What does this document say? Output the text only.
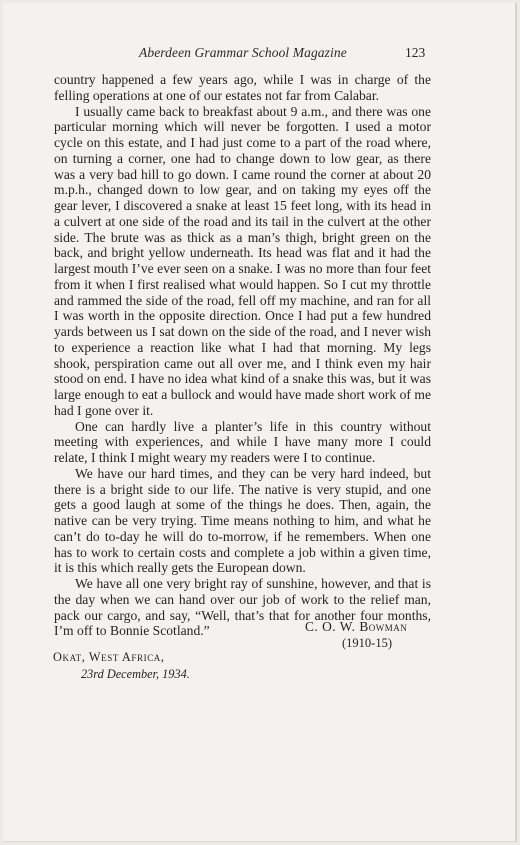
Aberdeen Grammar School Magazine	123

country happened a few years ago, while I was in charge of the felling operations at one of our estates not far from Calabar.

I usually came back to breakfast about 9 a.m., and there was one particular morning which will never be forgotten. I used a motor cycle on this estate, and I had just come to a part of the road where, on turning a corner, one had to change down to low gear, as there was a very bad hill to go down. I came round the corner at about 20 m.p.h., changed down to low gear, and on taking my eyes off the gear lever, I discovered a snake at least 15 feet long, with its head in a culvert at one side of the road and its tail in the culvert at the other side. The brute was as thick as a man’s thigh, bright green on the back, and bright yellow underneath. Its head was flat and it had the largest mouth I’ve ever seen on a snake. I was no more than four feet from it when I first realised what would happen. So I cut my throttle and rammed the side of the road, fell off my machine, and ran for all I was worth in the opposite direction. Once I had put a few hundred yards between us I sat down on the side of the road, and I never wish to experience a reaction like what I had that morning. My legs shook, perspiration came out all over me, and I think even my hair stood on end. I have no idea what kind of a snake this was, but it was large enough to eat a bullock and would have made short work of me had I gone over it.

One can hardly live a planter’s life in this country without meeting with experiences, and while I have many more I could relate, I think I might weary my readers were I to continue.

We have our hard times, and they can be very hard indeed, but there is a bright side to our life. The native is very stupid, and one gets a good laugh at some of the things he does. Then, again, the native can be very trying. Time means nothing to him, and what he can’t do to-day he will do to-morrow, if he remembers. When one has to work to certain costs and complete a job within a given time, it is this which really gets the European down.

We have all one very bright ray of sunshine, however, and that is the day when we can hand over our job of work to the relief man, pack our cargo, and say, “Well, that’s that for another four months, I’m off to Bonnie Scotland.”	C. O. W. Bowman
(1910-15)
Okat, West Africa,
23rd December, 1934.
